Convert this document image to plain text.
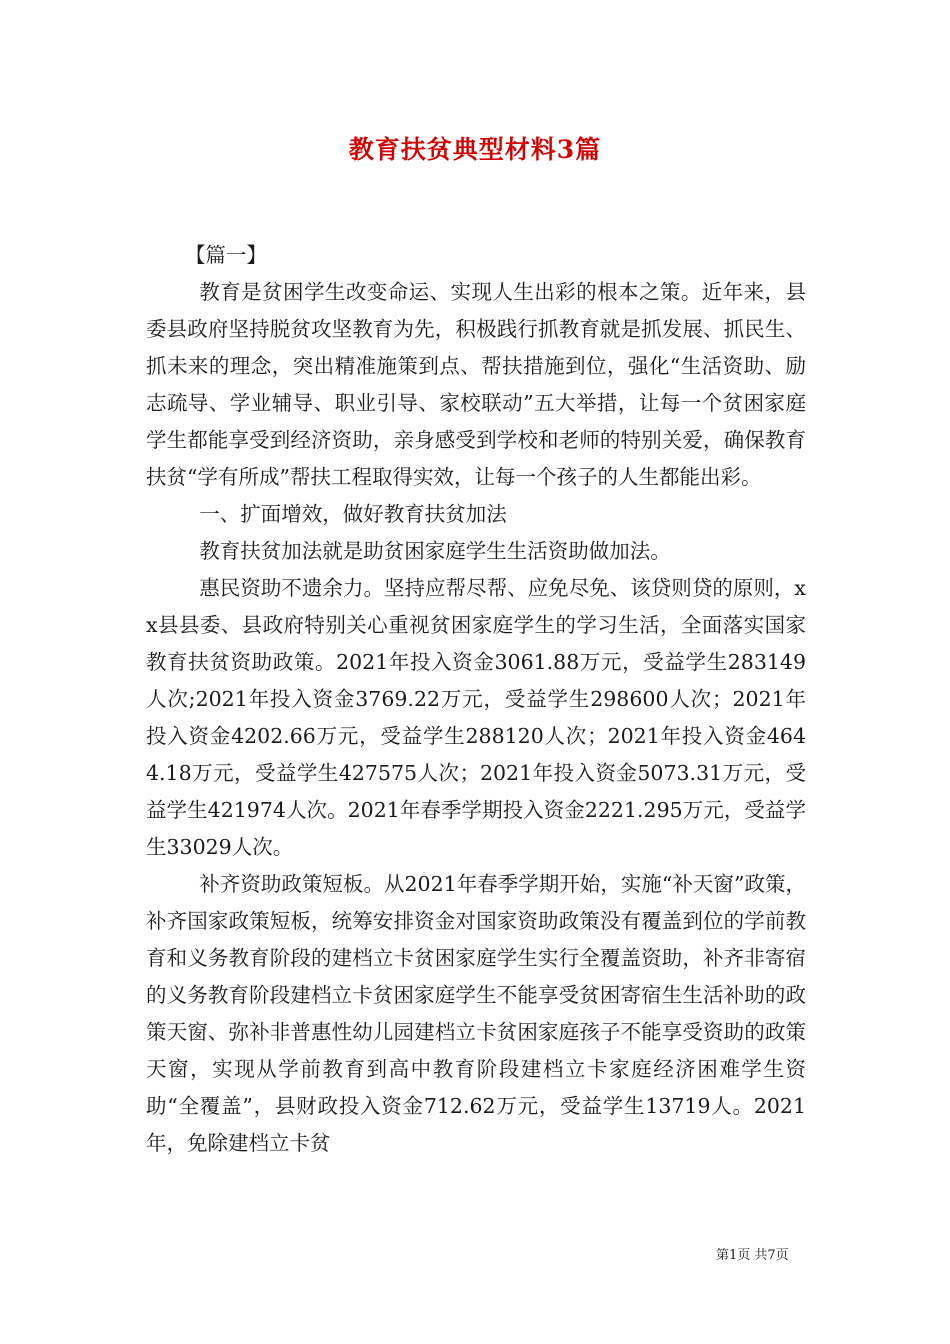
教育扶贫典型材料3篇

【篇一】

教育是贫困学生改变命运、实现人生出彩的根本之策。近年来，县委县政府坚持脱贫攻坚教育为先，积极践行抓教育就是抓发展、抓民生、抓未来的理念，突出精准施策到点、帮扶措施到位，强化“生活资助、励志疏导、学业辅导、职业引导、家校联动”五大举措，让每一个贫困家庭学生都能享受到经济资助，亲身感受到学校和老师的特别关爱，确保教育扶贫“学有所成”帮扶工程取得实效，让每一个孩子的人生都能出彩。

一、扩面增效，做好教育扶贫加法

教育扶贫加法就是助贫困家庭学生生活资助做加法。

惠民资助不遗余力。坚持应帮尽帮、应免尽免、该贷则贷的原则，xx县县委、县政府特别关心重视贫困家庭学生的学习生活，全面落实国家教育扶贫资助政策。2021年投入资金3061.88万元，受益学生283149人次;2021年投入资金3769.22万元，受益学生298600人次；2021年投入资金4202.66万元，受益学生288120人次；2021年投入资金4644.18万元，受益学生427575人次；2021年投入资金5073.31万元，受益学生421974人次。2021年春季学期投入资金2221.295万元，受益学生33029人次。

补齐资助政策短板。从2021年春季学期开始，实施“补天窗”政策，补齐国家政策短板，统筹安排资金对国家资助政策没有覆盖到位的学前教育和义务教育阶段的建档立卡贫困家庭学生实行全覆盖资助，补齐非寄宿的义务教育阶段建档立卡贫困家庭学生不能享受贫困寄宿生生活补助的政策天窗、弥补非普惠性幼儿园建档立卡贫困家庭孩子不能享受资助的政策天窗，实现从学前教育到高中教育阶段建档立卡家庭经济困难学生资助“全覆盖”，县财政投入资金712.62万元，受益学生13719人。2021年，免除建档立卡贫

第1页 共7页
